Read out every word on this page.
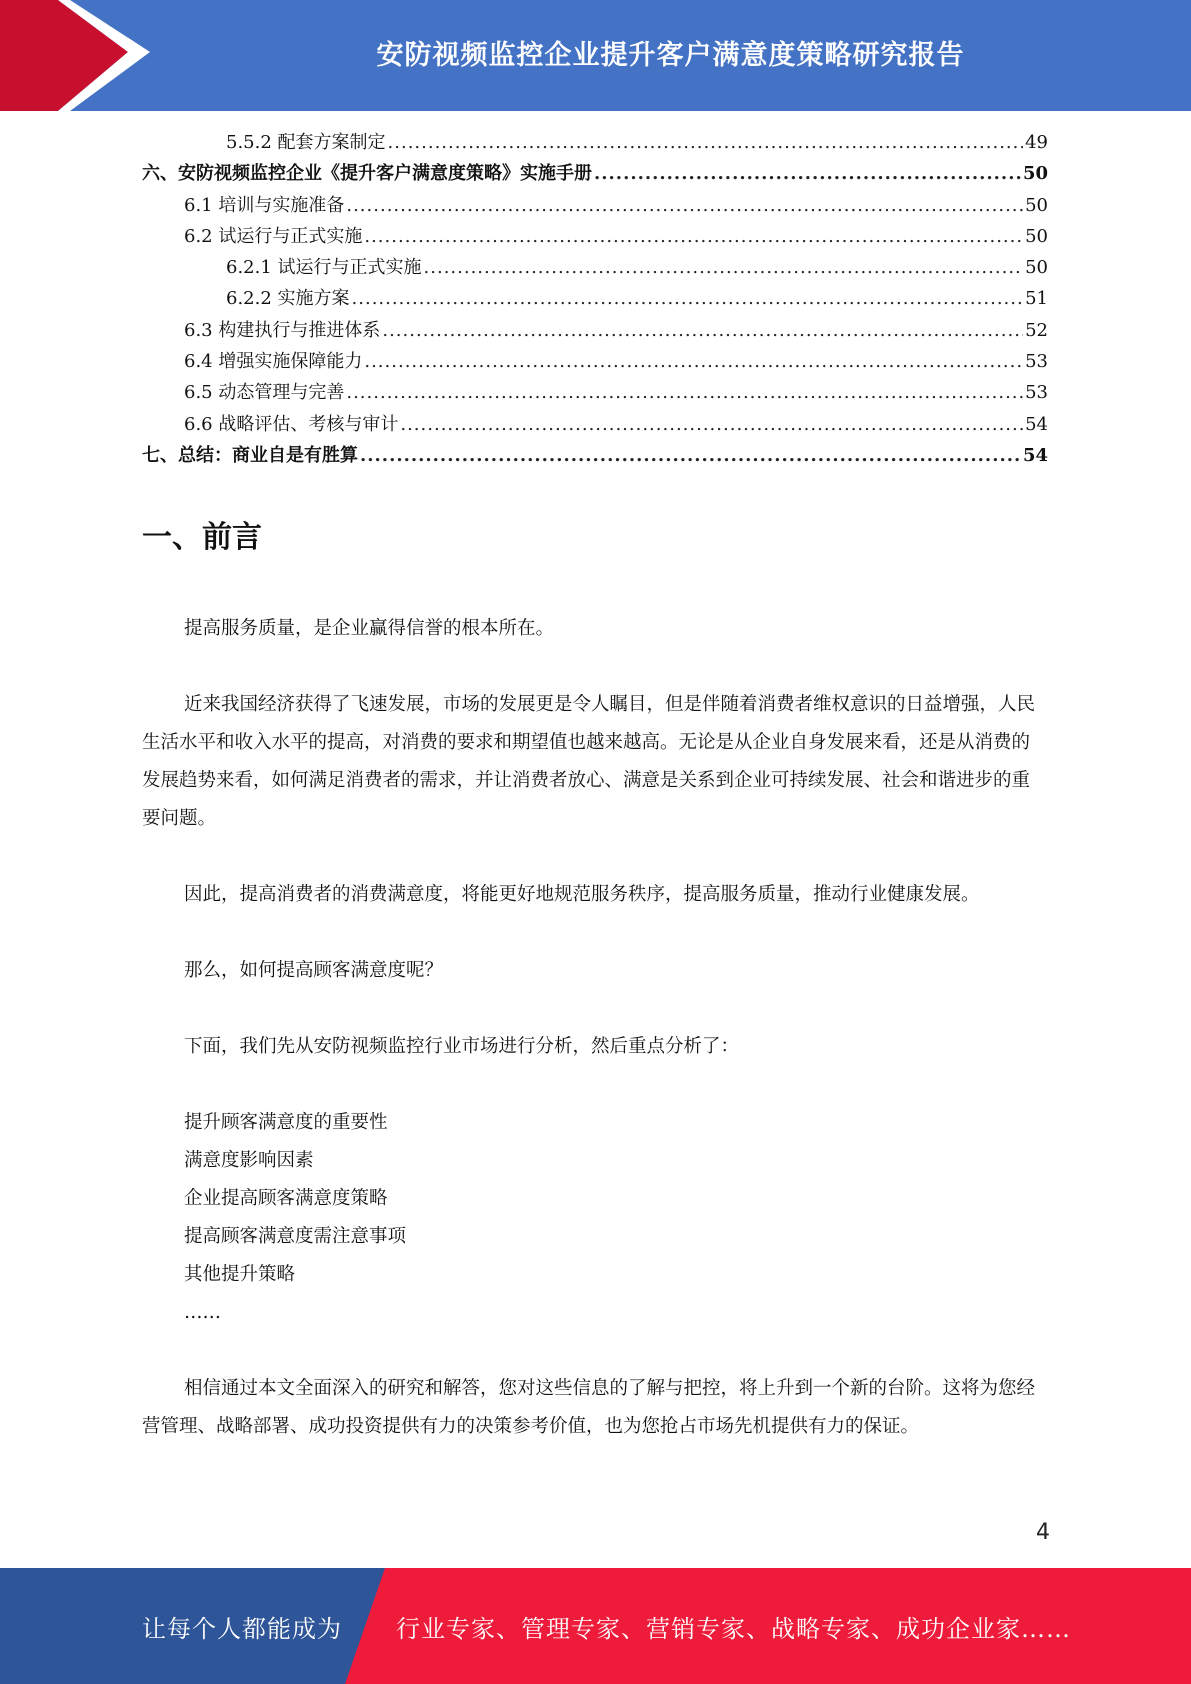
安防视频监控企业提升客户满意度策略研究报告
5.5.2 配套方案制定 .....	49
六、安防视频监控企业《提升客户满意度策略》实施手册 .....	50
6.1 培训与实施准备 .....	50
6.2 试运行与正式实施 .....	50
6.2.1 试运行与正式实施 .....	50
6.2.2 实施方案 .....	51
6.3 构建执行与推进体系 .....	52
6.4 增强实施保障能力 .....	53
6.5 动态管理与完善 .....	53
6.6 战略评估、考核与审计 .....	54
七、总结：商业自是有胜算 .....	54
一、前言

提高服务质量，是企业赢得信誉的根本所在。

近来我国经济获得了飞速发展，市场的发展更是令人瞩目，但是伴随着消费者维权意识的日益增强，人民生活水平和收入水平的提高，对消费的要求和期望值也越来越高。无论是从企业自身发展来看，还是从消费的发展趋势来看，如何满足消费者的需求，并让消费者放心、满意是关系到企业可持续发展、社会和谐进步的重要问题。

因此，提高消费者的消费满意度，将能更好地规范服务秩序，提高服务质量，推动行业健康发展。

那么，如何提高顾客满意度呢？

下面，我们先从安防视频监控行业市场进行分析，然后重点分析了：

提升顾客满意度的重要性

满意度影响因素

企业提高顾客满意度策略

提高顾客满意度需注意事项

其他提升策略

……

相信通过本文全面深入的研究和解答，您对这些信息的了解与把控，将上升到一个新的台阶。这将为您经营管理、战略部署、成功投资提供有力的决策参考价值，也为您抢占市场先机提供有力的保证。

4
让每个人都能成为 行业专家、管理专家、营销专家、战略专家、成功企业家……
